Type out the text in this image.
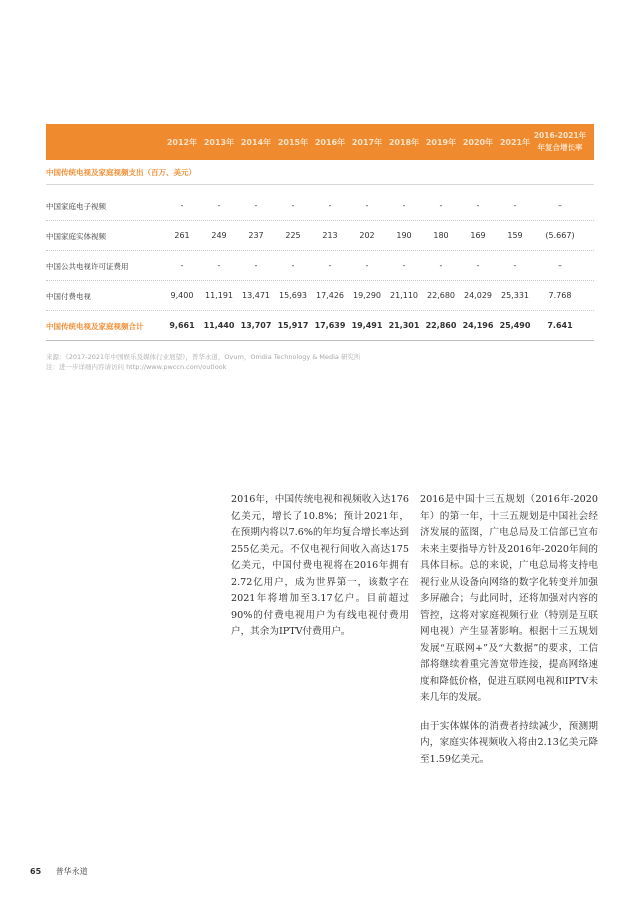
2012年 2013年 2014年 2015年 2016年 2017年 2018年 2019年 2020年 2021年
2016-2021年年复合增长率
中国传统电视及家庭视频支出（百万、美元）
中国家庭电子视频	-	-	-	-	-	-	-	-	-	-	–
中国家庭实体视频	261	249	237	225	213	202	190	180	169	159	(5.667)
中国公共电视许可证费用	-	-	-	-	-	-	-	-	-	-	–
中国付费电视	9,400	11,191	13,471	15,693	17,426	19,290	21,110	22,680	24,029	25,331	7.768
中国传统电视及家庭视频合计	9,661	11,440 13,707 15,917 17,639 19,491 21,301 22,860 24,196 25,490	7.641
来源：《2017-2021年中国娱乐及媒体行业展望》，普华永道，Ovum，Omdia Technology & Media 研究所
注：进一步详细内容请访问 http://www.pwccn.com/outlook

2016年，中国传统电视和视频收入达176亿美元，增长了10.8%；预计2021年，在预期内将以7.6%的年均复合增长率达到255亿美元。不仅电视行间收入高达175亿美元，中国付费电视将在2016年拥有2.72亿用户，成为世界第一，该数字在2021年将增加至3.17亿户。目前超过90%的付费电视用户为有线电视付费用户，其余为IPTV付费用户。

2016是中国十三五规划（2016年-2020年）的第一年，十三五规划是中国社会经济发展的蓝图，广电总局及工信部已宣布未来主要指导方针及2016年-2020年间的具体目标。总的来说，广电总局将支持电视行业从设备向网络的数字化转变并加强多屏融合；与此同时，还将加强对内容的管控，这将对家庭视频行业（特别是互联网电视）产生显著影响。根据十三五规划发展“互联网+”及“大数据”的要求，工信部将继续着重完善宽带连接，提高网络速度和降低价格，促进互联网电视和IPTV未来几年的发展。

由于实体媒体的消费者持续减少，预测期内，家庭实体视频收入将由2.13亿美元降至1.59亿美元。

65 普华永道
